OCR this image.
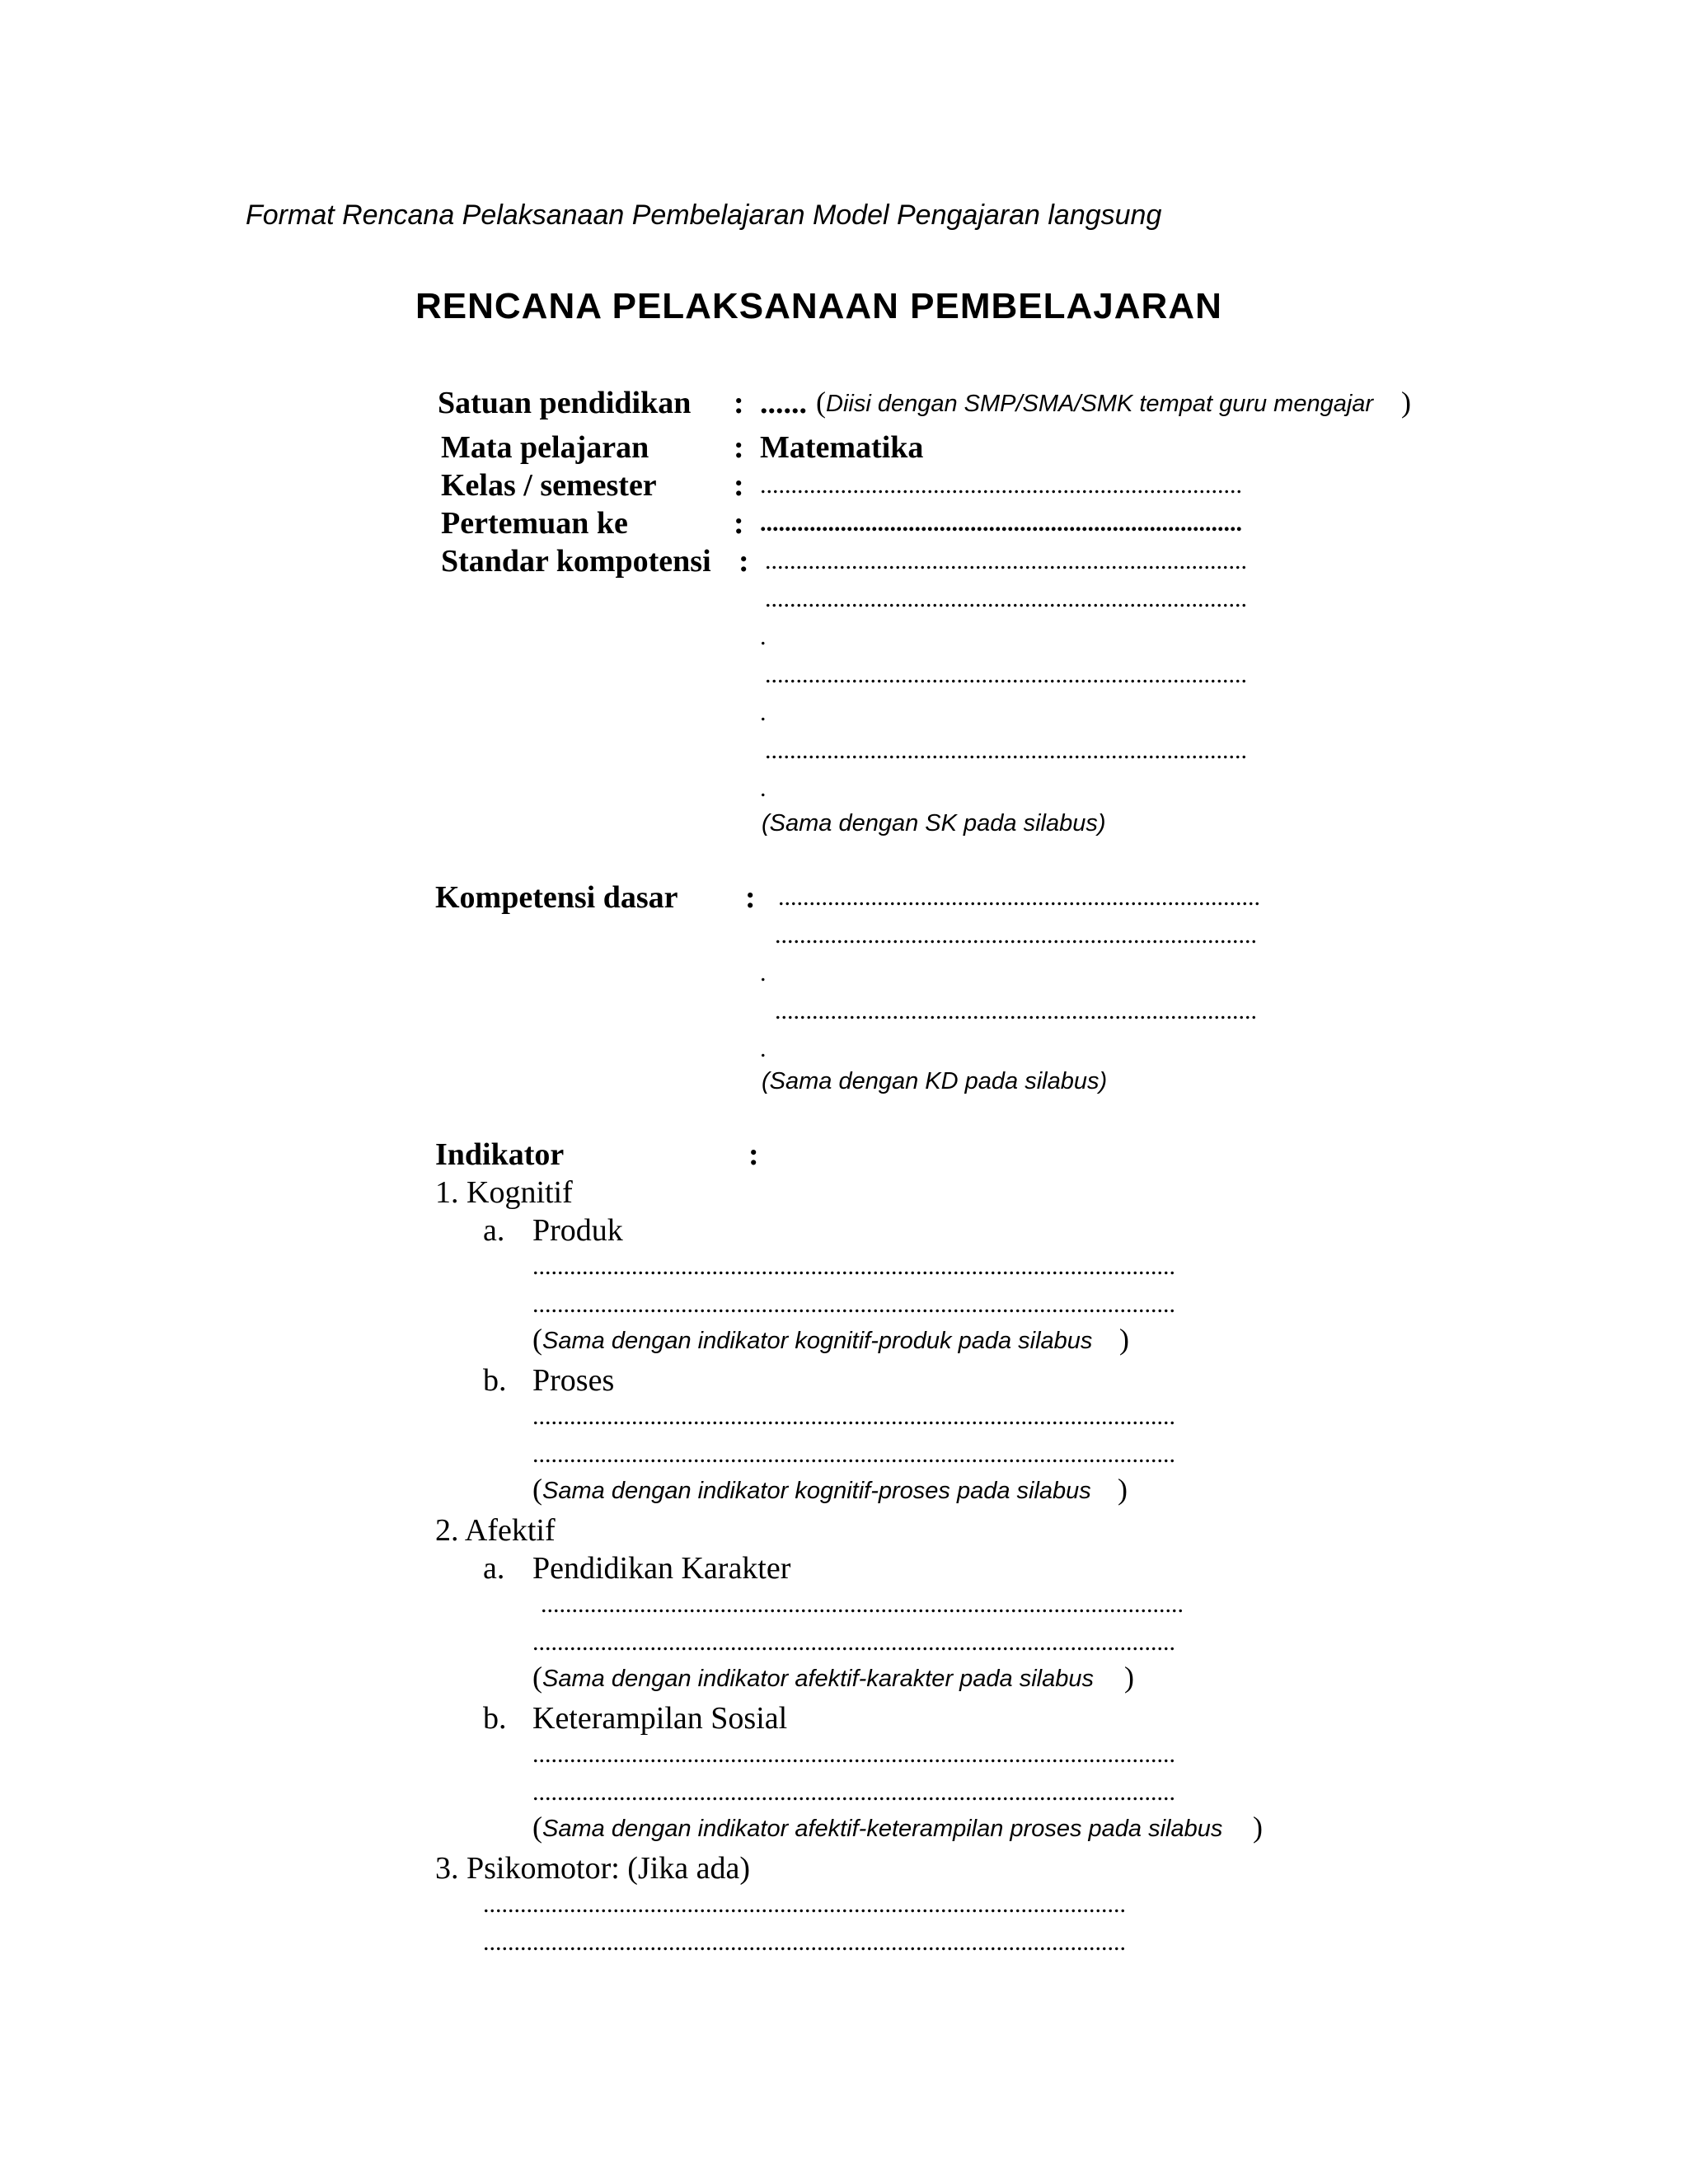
Format Rencana Pelaksanaan Pembelajaran Model Pengajaran langsung
RENCANA PELAKSANAAN PEMBELAJARAN
Satuan pendidikan : ...... ( Diisi dengan SMP/SMA/SMK tempat guru mengajar )
Mata pelajaran	: Matematika
Kelas / semester : ..............................................................................
Pertemuan ke	: ..............................................................................
Standar kompotensi : ..............................................................................
..............................................................................
.
..............................................................................
.
..............................................................................
.
(Sama dengan SK pada silabus)
Kompetensi dasar : ..............................................................................
..............................................................................
.
..............................................................................
.
(Sama dengan KD pada silabus)
Indikator	:
1. Kognitif
a. Produk
........................................................................................................
........................................................................................................
( Sama dengan indikator kognitif-produk pada silabus )
b. Proses
........................................................................................................
........................................................................................................
( Sama dengan indikator kognitif-proses pada silabus )
2. Afektif
a. Pendidikan Karakter
........................................................................................................
........................................................................................................
( Sama dengan indikator afektif-karakter pada silabus )
b. Keterampilan Sosial
........................................................................................................
........................................................................................................
( Sama dengan indikator afektif-keterampilan proses pada silabus )
3. Psikomotor: (Jika ada)
........................................................................................................
........................................................................................................
